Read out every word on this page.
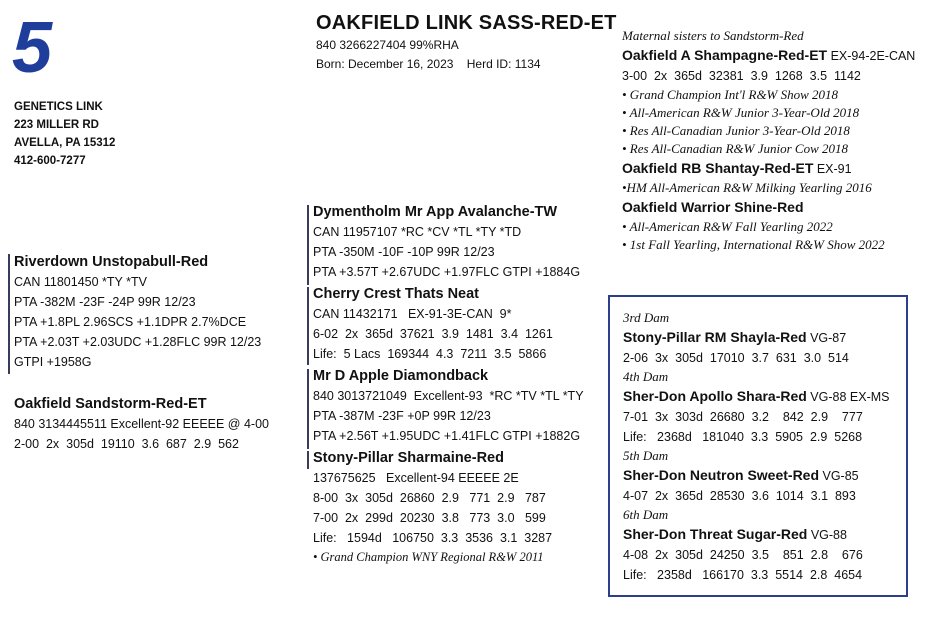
5
GENETICS LINK
223 MILLER RD
AVELLA, PA 15312
412-600-7277
OAKFIELD LINK SASS-RED-ET
840 3266227404 99%RHA
Born: December 16, 2023    Herd ID: 1134
Riverdown Unstopabull-Red
CAN 11801450 *TY *TV
PTA -382M -23F -24P 99R 12/23
PTA +1.8PL 2.96SCS +1.1DPR 2.7%DCE
PTA +2.03T +2.03UDC +1.28FLC 99R 12/23
GTPI +1958G
Oakfield Sandstorm-Red-ET
840 3134445511 Excellent-92 EEEEE @ 4-00
2-00  2x  305d  19110  3.6  687  2.9  562
Dymentholm Mr App Avalanche-TW
CAN 11957107 *RC *CV *TL *TY *TD
PTA -350M -10F -10P 99R 12/23
PTA +3.57T +2.67UDC +1.97FLC GTPI +1884G
Cherry Crest Thats Neat
CAN 11432171   EX-91-3E-CAN  9*
6-02  2x  365d  37621  3.9  1481  3.4  1261
Life:  5 Lacs  169344  4.3  7211  3.5  5866
Mr D Apple Diamondback
840 3013721049  Excellent-93  *RC *TV *TL *TY
PTA -387M -23F +0P 99R 12/23
PTA +2.56T +1.95UDC +1.41FLC GTPI +1882G
Stony-Pillar Sharmaine-Red
137675625   Excellent-94 EEEEE 2E
8-00  3x  305d  26860  2.9   771  2.9   787
7-00  2x  299d  20230  3.8   773  3.0   599
Life:   1594d   106750  3.3  3536  3.1  3287
• Grand Champion WNY Regional R&W 2011
Maternal sisters to Sandstorm-Red
Oakfield A Shampagne-Red-ET EX-94-2E-CAN
3-00  2x  365d  32381  3.9  1268  3.5  1142
• Grand Champion Int'l R&W Show 2018
• All-American R&W Junior 3-Year-Old 2018
• Res All-Canadian Junior 3-Year-Old 2018
• Res All-Canadian R&W Junior Cow 2018
Oakfield RB Shantay-Red-ET EX-91
•HM All-American R&W Milking Yearling 2016
Oakfield Warrior Shine-Red
• All-American R&W Fall Yearling 2022
• 1st Fall Yearling, International R&W Show 2022
3rd Dam
Stony-Pillar RM Shayla-Red VG-87
2-06  3x  305d  17010  3.7  631  3.0  514
4th Dam
Sher-Don Apollo Shara-Red VG-88 EX-MS
7-01  3x  303d  26680  3.2    842  2.9    777
Life:   2368d   181040  3.3  5905  2.9  5268
5th Dam
Sher-Don Neutron Sweet-Red VG-85
4-07  2x  365d  28530  3.6  1014  3.1  893
6th Dam
Sher-Don Threat Sugar-Red VG-88
4-08  2x  305d  24250  3.5    851  2.8    676
Life:   2358d   166170  3.3  5514  2.8  4654
